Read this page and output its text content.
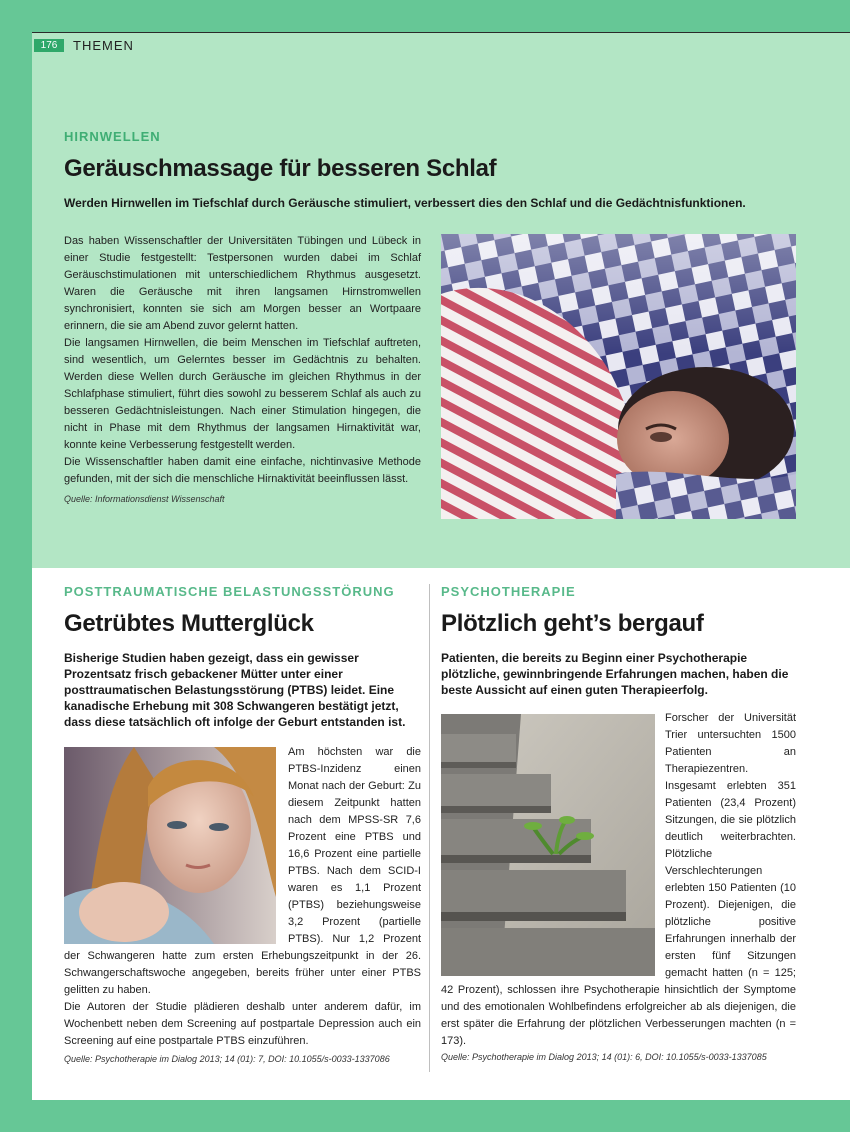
176	THEMEN
HIRNWELLEN
Geräuschmassage für besseren Schlaf
Werden Hirnwellen im Tiefschlaf durch Geräusche stimuliert, verbessert dies den Schlaf und die Gedächtnisfunktionen.

Das haben Wissenschaftler der Universitäten Tübingen und Lübeck in einer Studie festgestellt: Testpersonen wurden dabei im Schlaf Geräuschstimulationen mit unterschiedlichem Rhythmus ausgesetzt. Waren die Geräusche mit ihren langsamen Hirnstromwellen synchronisiert, konnten sie sich am Morgen besser an Wortpaare erinnern, die sie am Abend zuvor gelernt hatten.

Die langsamen Hirnwellen, die beim Menschen im Tiefschlaf auftreten, sind wesentlich, um Gelerntes besser im Gedächtnis zu behalten. Werden diese Wellen durch Geräusche im gleichen Rhythmus in der Schlafphase stimuliert, führt dies sowohl zu besserem Schlaf als auch zu besseren Gedächtnisleistungen. Nach einer Stimulation hingegen, die nicht in Phase mit dem Rhythmus der langsamen Hirnaktivität war, konnte keine Verbesserung festgestellt werden.

Die Wissenschaftler haben damit eine einfache, nichtinvasive Methode gefunden, mit der sich die menschliche Hirnaktivität beeinflussen lässt.

Quelle: Informationsdienst Wissenschaft
POSTTRAUMATISCHE BELASTUNGSSTÖRUNG
Getrübtes Mutterglück
Bisherige Studien haben gezeigt, dass ein gewisser Prozentsatz frisch gebackener Mütter unter einer posttraumatischen Belastungsstörung (PTBS) leidet. Eine kanadische Erhebung mit 308 Schwangeren bestätigt jetzt, dass diese tatsächlich oft infolge der Geburt entstanden ist.

Am höchsten war die PTBS-Inzidenz einen Monat nach der Geburt: Zu diesem Zeitpunkt hatten nach dem MPSS-SR 7,6 Prozent eine PTBS und 16,6 Prozent eine partielle PTBS. Nach dem SCID-I waren es 1,1 Prozent (PTBS) beziehungsweise 3,2 Prozent (partielle PTBS). Nur 1,2 Prozent der Schwangeren hatte zum ersten Erhebungszeitpunkt in der 26. Schwangerschaftswoche angegeben, bereits früher unter einer PTBS gelitten zu haben.

Die Autoren der Studie plädieren deshalb unter anderem dafür, im Wochenbett neben dem Screening auf postpartale Depression auch ein Screening auf eine postpartale PTBS einzuführen.

Quelle: Psychotherapie im Dialog 2013; 14 (01): 7, DOI: 10.1055/s-0033-1337086
PSYCHOTHERAPIE
Plötzlich geht’s bergauf
Patienten, die bereits zu Beginn einer Psychotherapie plötzliche, gewinnbringende Erfahrungen machen, haben die beste Aussicht auf einen guten Therapieerfolg.

Forscher der Universität Trier untersuchten 1500 Patienten an Therapiezentren. Insgesamt erlebten 351 Patienten (23,4 Prozent) Sitzungen, die sie plötzlich deutlich weiterbrachten. Plötzliche Verschlechterungen erlebten 150 Patienten (10 Prozent). Diejenigen, die plötzliche positive Erfahrungen innerhalb der ersten fünf Sitzungen gemacht hatten (n = 125; 42 Prozent), schlossen ihre Psychotherapie hinsichtlich der Symptome und des emotionalen Wohlbefindens erfolgreicher ab als diejenigen, die erst später die Erfahrung der plötzlichen Verbesserungen machten (n = 173).

Quelle: Psychotherapie im Dialog 2013; 14 (01): 6, DOI: 10.1055/s-0033-1337085
